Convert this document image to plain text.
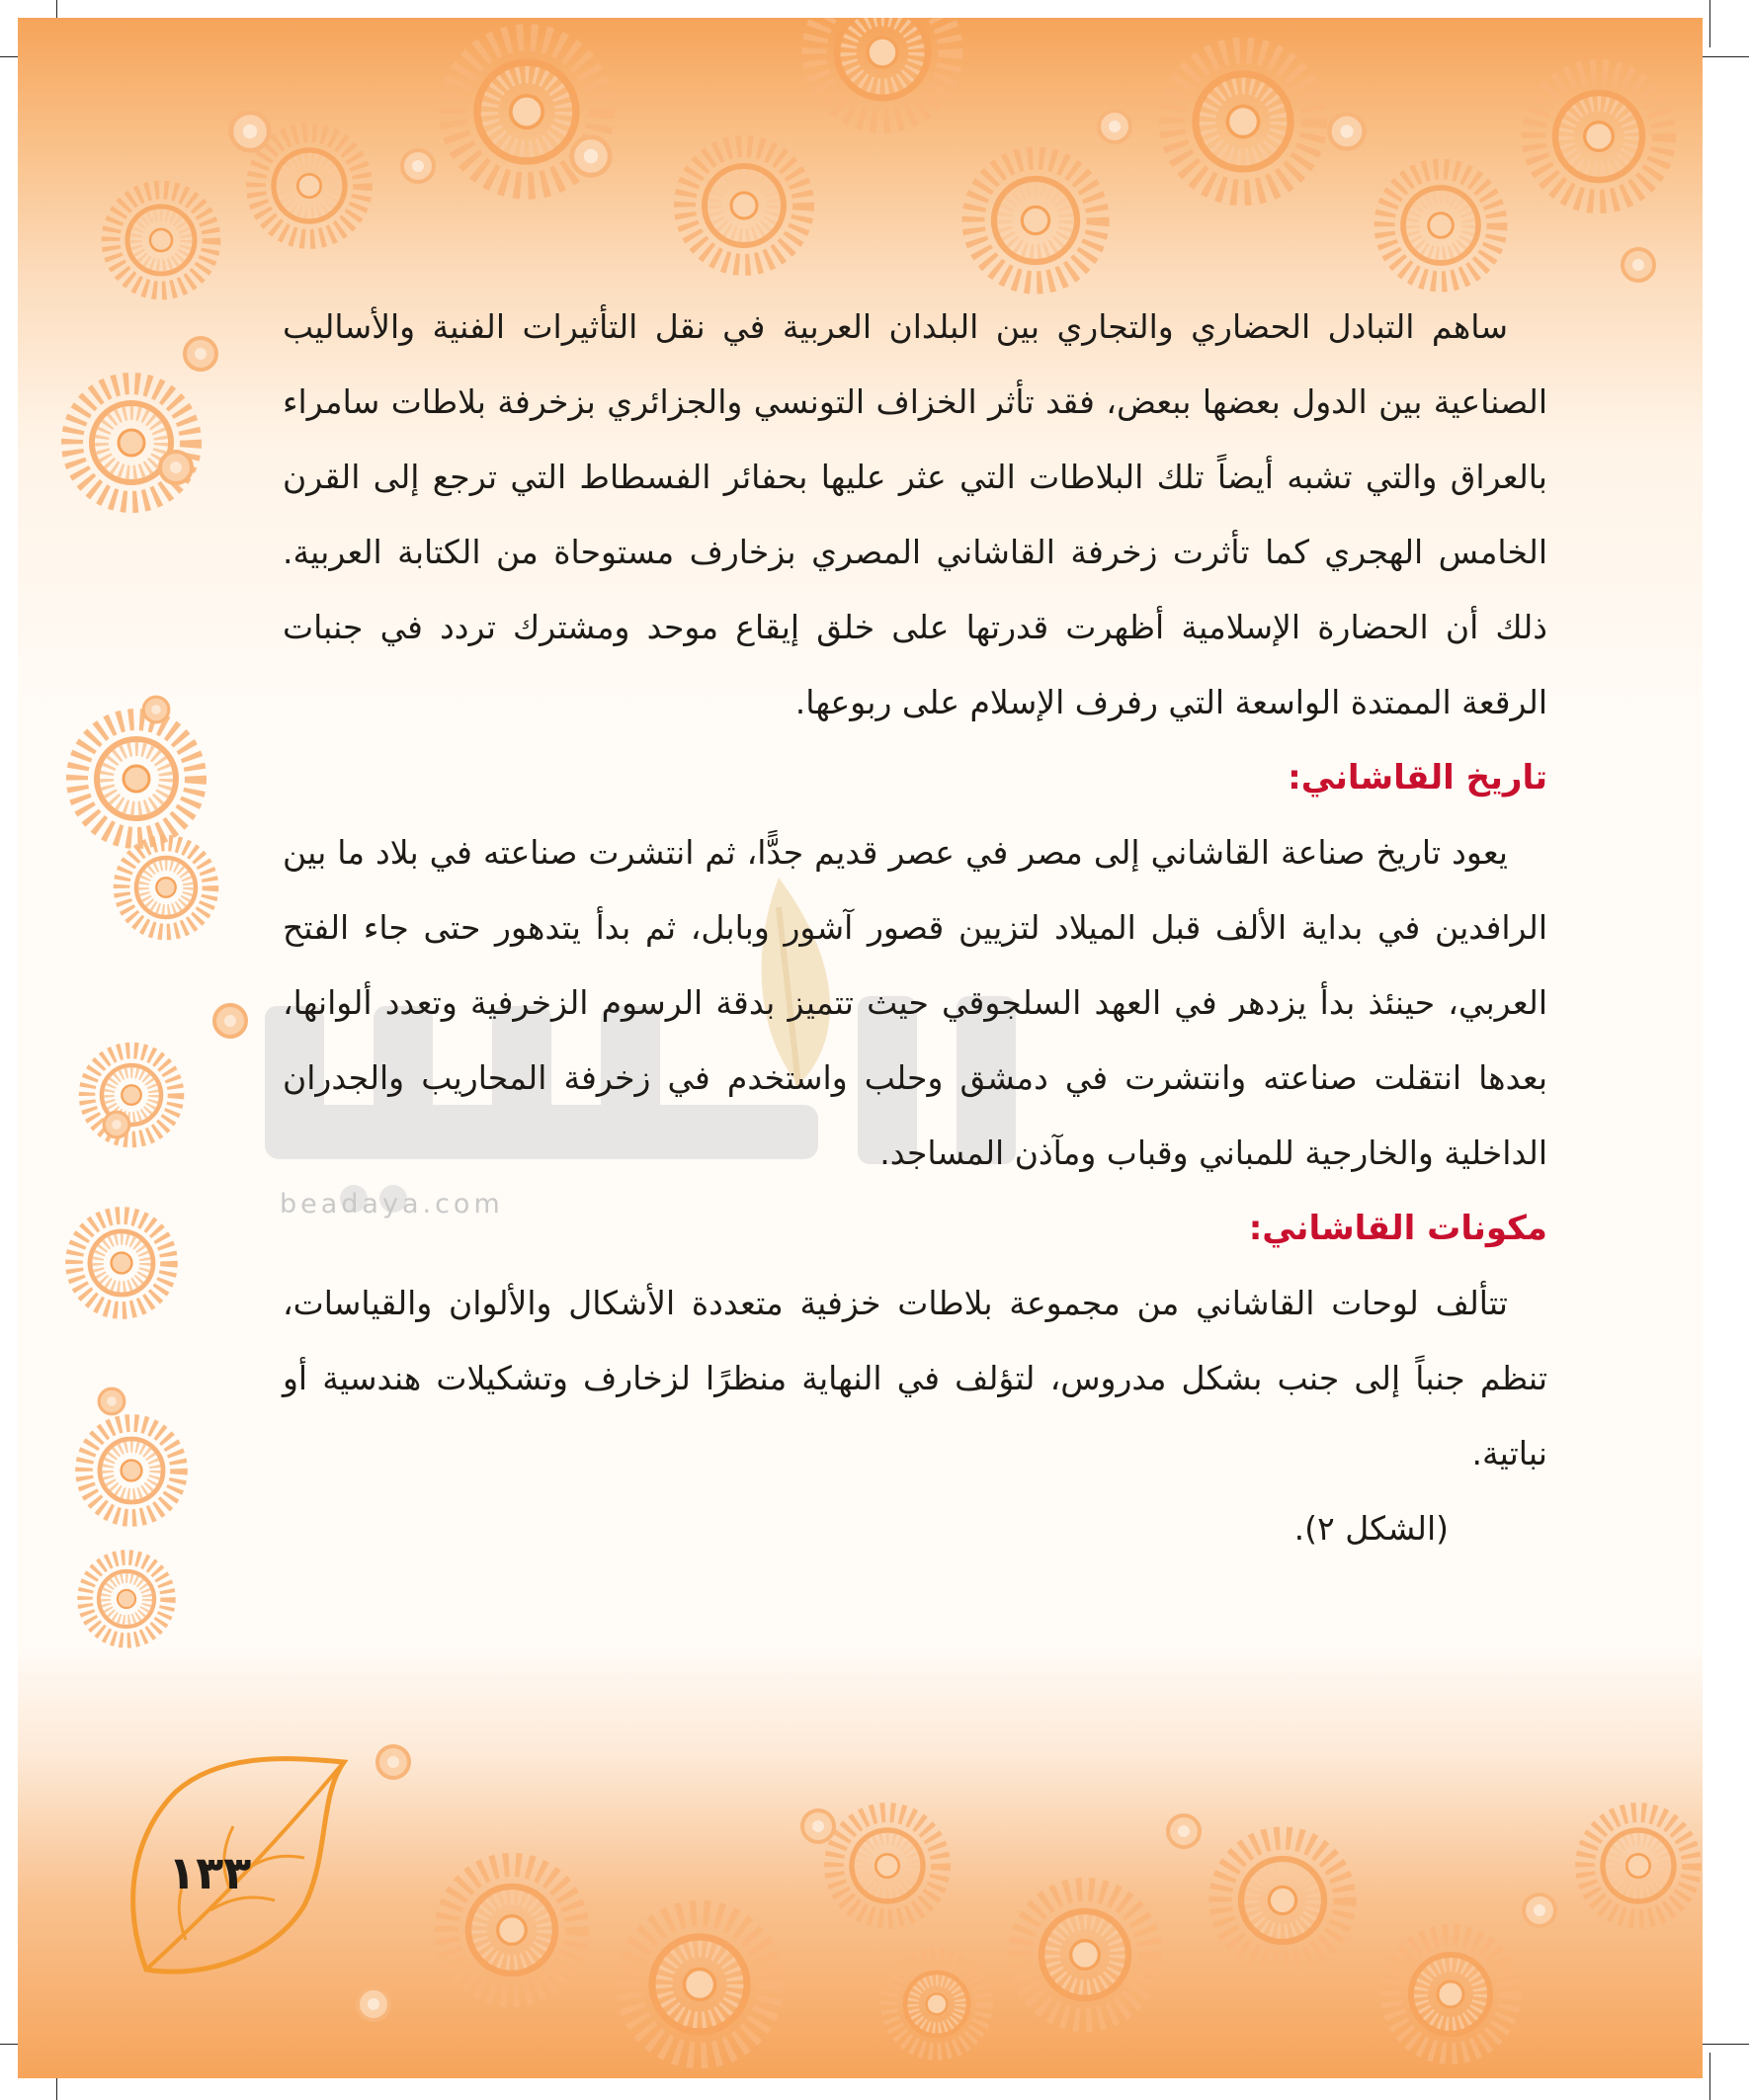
beadaya.com

ساهم التبادل الحضاري والتجاري بين البلدان العربية في نقل التأثيرات الفنية والأساليب الصناعية بين الدول بعضها ببعض، فقد تأثر الخزاف التونسي والجزائري بزخرفة بلاطات سامراء بالعراق والتي تشبه أيضاً تلك البلاطات التي عثر عليها بحفائر الفسطاط التي ترجع إلى القرن الخامس الهجري كما تأثرت زخرفة القاشاني المصري بزخارف مستوحاة من الكتابة العربية. ذلك أن الحضارة الإسلامية أظهرت قدرتها على خلق إيقاع موحد ومشترك تردد في جنبات الرقعة الممتدة الواسعة التي رفرف الإسلام على ربوعها.

تاريخ القاشاني:

يعود تاريخ صناعة القاشاني إلى مصر في عصر قديم جدًّا، ثم انتشرت صناعته في بلاد ما بين الرافدين في بداية الألف قبل الميلاد لتزيين قصور آشور وبابل، ثم بدأ يتدهور حتى جاء الفتح العربي، حينئذ بدأ يزدهر في العهد السلجوقي حيث تتميز بدقة الرسوم الزخرفية وتعدد ألوانها، بعدها انتقلت صناعته وانتشرت في دمشق وحلب واستخدم في زخرفة المحاريب والجدران الداخلية والخارجية للمباني وقباب ومآذن المساجد.

مكونات القاشاني:

تتألف لوحات القاشاني من مجموعة بلاطات خزفية متعددة الأشكال والألوان والقياسات، تنظم جنباً إلى جنب بشكل مدروس، لتؤلف في النهاية منظرًا لزخارف وتشكيلات هندسية أو نباتية.

(الشكل ٢).

١٣٣
